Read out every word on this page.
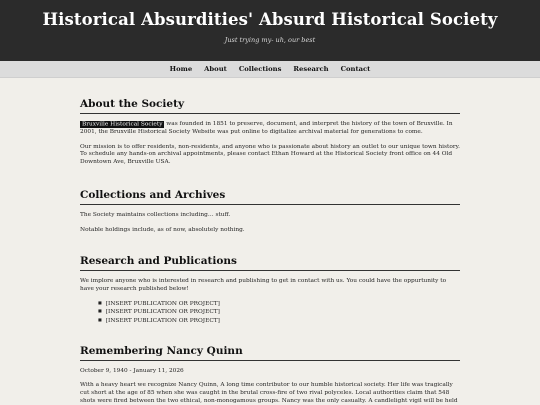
Historical Absurdities' Absurd Historical Society
Just trying my- uh, our best
Home	About	Collections	Research	Contact
About the Society

Bruxville Historical Society was founded in 1851 to preserve, document, and interpret the history of the town of Bruxville. In 2001, the Bruxville Historical Society Website was put online to digitalize archival material for generations to come.

Our mission is to offer residents, non-residents, and anyone who is passionate about history an outlet to our unique town history. To schedule any hands-on archival appointments, please contact Ethan Howard at the Historical Society front office on 44 Old Downtown Ave, Bruxville USA.

Collections and Archives

The Society maintains collections including… stuff.

Notable holdings include, as of now, absolutely nothing.

Research and Publications

We implore anyone who is interested in research and publishing to get in contact with us. You could have the oppurtunity to have your research published below!

■ [INSERT PUBLICATION OR PROJECT]
■ [INSERT PUBLICATION OR PROJECT]
■ [INSERT PUBLICATION OR PROJECT]
Remembering Nancy Quinn

October 9, 1940 - January 11, 2026

With a heavy heart we recognize Nancy Quinn, A long time contributor to our humble historical society. Her life was tragically cut short at the age of 85 when she was caught in the brutal cross-fire of two rival polyceles. Local authorities claim that 548 shots were fired between the two ethical, non-monogamous groups. Nancy was the only casualty. A candlelight vigil will be held
